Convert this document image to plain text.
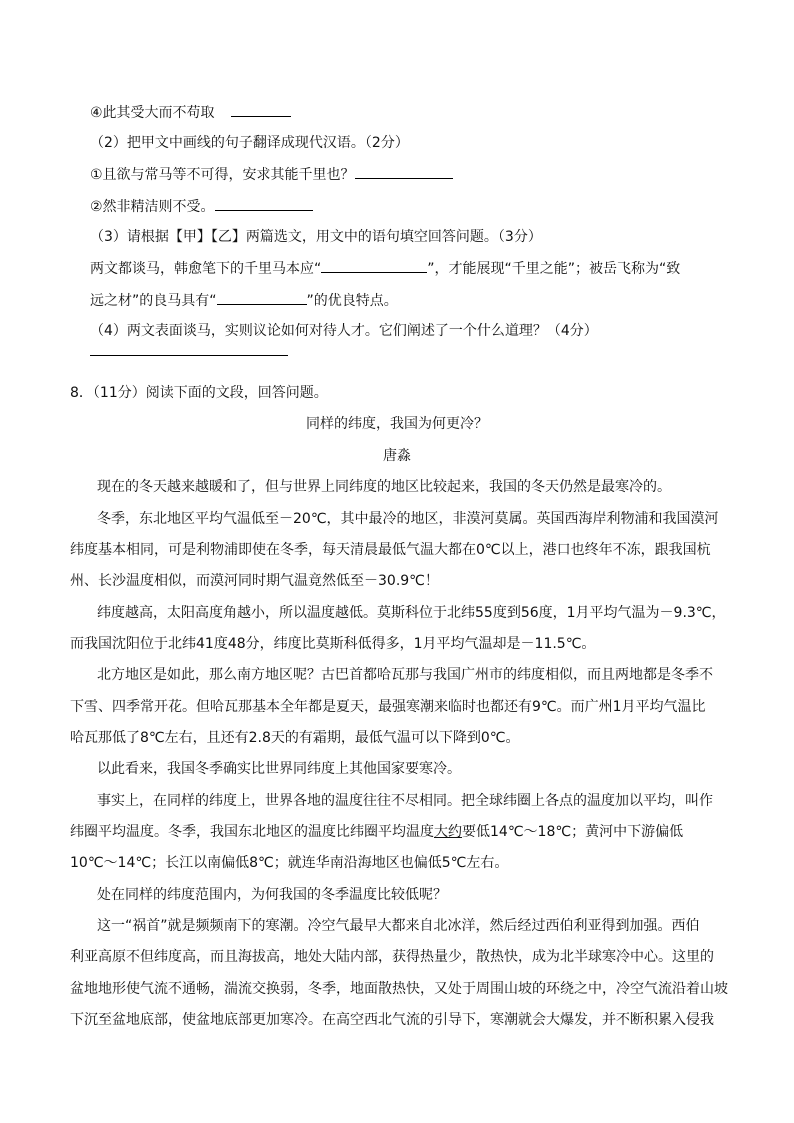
④此其受大而不苟取
（2）把甲文中画线的句子翻译成现代汉语。（2分）
①且欲与常马等不可得，安求其能千里也？
②然非精洁则不受。
（3）请根据【甲】【乙】两篇选文，用文中的语句填空回答问题。（3分）
两文都谈马，韩愈笔下的千里马本应“	”，才能展现“千里之能”；被岳飞称为“致
远之材”的良马具有“	”的优良特点。
（4）两文表面谈马，实则议论如何对待人才。它们阐述了一个什么道理？（4分）
8．（11分）阅读下面的文段，回答问题。
同样的纬度，我国为何更冷？
唐淼
现在的冬天越来越暖和了，但与世界上同纬度的地区比较起来，我国的冬天仍然是最寒冷的。
冬季，东北地区平均气温低至－20℃，其中最冷的地区，非漠河莫属。英国西海岸利物浦和我国漠河
纬度基本相同，可是利物浦即使在冬季，每天清晨最低气温大都在0℃以上，港口也终年不冻，跟我国杭
州、长沙温度相似，而漠河同时期气温竟然低至－30.9℃！
纬度越高，太阳高度角越小，所以温度越低。莫斯科位于北纬55度到56度，1月平均气温为－9.3℃，
而我国沈阳位于北纬41度48分，纬度比莫斯科低得多，1月平均气温却是－11.5℃。
北方地区是如此，那么南方地区呢？古巴首都哈瓦那与我国广州市的纬度相似，而且两地都是冬季不
下雪、四季常开花。但哈瓦那基本全年都是夏天，最强寒潮来临时也都还有9℃。而广州1月平均气温比
哈瓦那低了8℃左右，且还有2.8天的有霜期，最低气温可以下降到0℃。
以此看来，我国冬季确实比世界同纬度上其他国家要寒冷。
事实上，在同样的纬度上，世界各地的温度往往不尽相同。把全球纬圈上各点的温度加以平均，叫作
纬圈平均温度。冬季，我国东北地区的温度比纬圈平均温度大约要低14℃～18℃；黄河中下游偏低
10℃～14℃；长江以南偏低8℃；就连华南沿海地区也偏低5℃左右。
处在同样的纬度范围内，为何我国的冬季温度比较低呢？
这一“祸首”就是频频南下的寒潮。冷空气最早大都来自北冰洋，然后经过西伯利亚得到加强。西伯
利亚高原不但纬度高，而且海拔高，地处大陆内部，获得热量少，散热快，成为北半球寒冷中心。这里的
盆地地形使气流不通畅，湍流交换弱，冬季，地面散热快，又处于周围山坡的环绕之中，冷空气流沿着山坡
下沉至盆地底部，使盆地底部更加寒冷。在高空西北气流的引导下，寒潮就会大爆发，并不断积累入侵我
